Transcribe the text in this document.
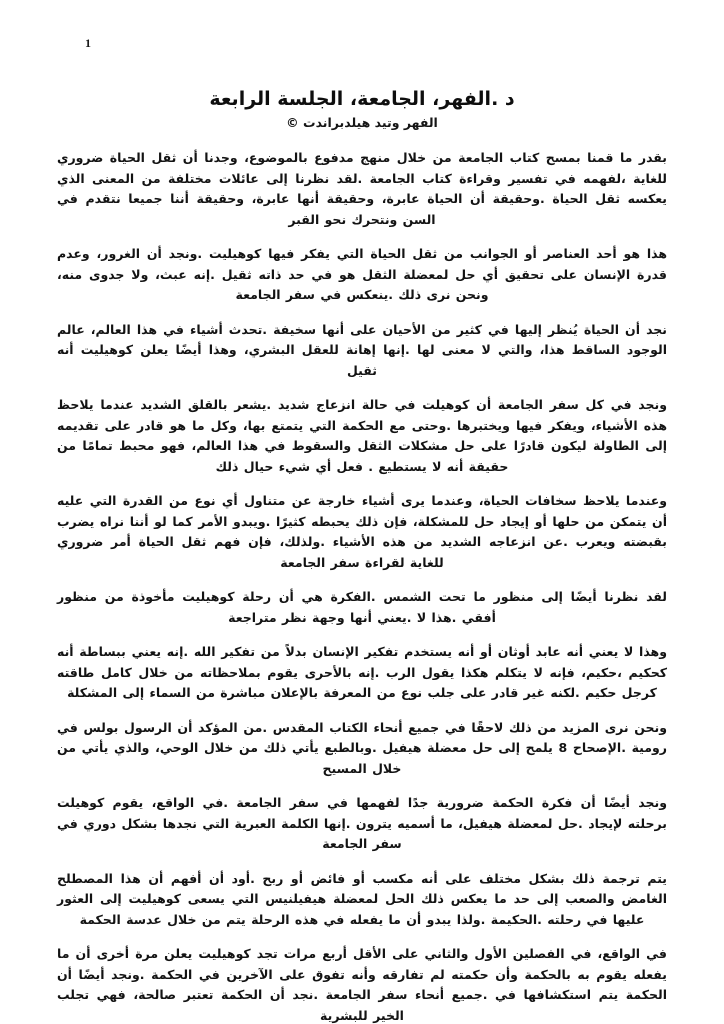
1
د .الفهر، الجامعة، الجلسة الرابعة
الفهر وتيد هيلدبراندت ©

بقدر ما قمنا بمسح كتاب الجامعة من خلال منهج مدفوع بالموضوع، وجدنا أن ثقل الحياة ضروري للغاية ،لفهمه في تفسير وقراءة كتاب الجامعة .لقد نظرنا إلى عائلات مختلفة من المعنى الذي يعكسه ثقل الحياة .وحقيقة أن الحياة عابرة، وحقيقة أنها عابرة، وحقيقة أننا جميعا نتقدم في السن ونتحرك نحو القبر

هذا هو أحد العناصر أو الجوانب من ثقل الحياة التي يفكر فيها كوهيليت .ونجد أن الغرور، وعدم قدرة الإنسان على تحقيق أي حل لمعضلة الثقل هو في حد ذاته ثقيل .إنه عبث، ولا جدوى منه، ونحن نرى ذلك .ينعكس في سفر الجامعة

نجد أن الحياة يُنظر إليها في كثير من الأحيان على أنها سخيفة .تحدث أشياء في هذا العالم، عالم الوجود الساقط هذا، والتي لا معنى لها .إنها إهانة للعقل البشري، وهذا أيضًا يعلن كوهيليت أنه ثقيل

ونجد في كل سفر الجامعة أن كوهيلت في حالة انزعاج شديد .يشعر بالقلق الشديد عندما يلاحظ هذه الأشياء، ويفكر فيها ويختبرها .وحتى مع الحكمة التي يتمتع بها، وكل ما هو قادر على تقديمه إلى الطاولة ليكون قادرًا على حل مشكلات الثقل والسقوط في هذا العالم، فهو محبط تمامًا من حقيقة أنه لا يستطيع . فعل أي شيء حيال ذلك

وعندما يلاحظ سخافات الحياة، وعندما يرى أشياء خارجة عن متناول أي نوع من القدرة التي عليه أن يتمكن من حلها أو إيجاد حل للمشكلة، فإن ذلك يحبطه كثيرًا .ويبدو الأمر كما لو أننا نراه يضرب بقبضته ويعرب .عن انزعاجه الشديد من هذه الأشياء .ولذلك، فإن فهم ثقل الحياة أمر ضروري للغاية لقراءة سفر الجامعة

لقد نظرنا أيضًا إلى منظور ما تحت الشمس .الفكرة هي أن رحلة كوهيليت مأخوذة من منظور أفقي .هذا لا .يعني أنها وجهة نظر متراجعة

وهذا لا يعني أنه عابد أوثان أو أنه يستخدم تفكير الإنسان بدلاً من تفكير الله .إنه يعني ببساطة أنه كحكيم ،حكيم، فإنه لا يتكلم هكذا يقول الرب .إنه بالأحرى يقوم بملاحظاته من خلال كامل طاقته كرجل حكيم .لكنه غير قادر على جلب نوع من المعرفة بالإعلان مباشرة من السماء إلى المشكلة

ونحن نرى المزيد من ذلك لاحقًا في جميع أنحاء الكتاب المقدس .من المؤكد أن الرسول بولس في رومية .الإصحاح 8 يلمح إلى حل معضلة هيفيل .وبالطبع يأتي ذلك من خلال الوحي، والذي يأتي من خلال المسيح

ونجد أيضًا أن فكرة الحكمة ضرورية جدًا لفهمها في سفر الجامعة .في الواقع، يقوم كوهيلت برحلته لإيجاد .حل لمعضلة هيفيل، ما أسميه يترون .إنها الكلمة العبرية التي نجدها بشكل دوري في سفر الجامعة

يتم ترجمة ذلك بشكل مختلف على أنه مكسب أو فائض أو ربح .أود أن أفهم أن هذا المصطلح الغامض والصعب إلى حد ما يعكس ذلك الحل لمعضلة هيفيلنيس التي يسعى كوهيليت إلى العثور عليها في رحلته .الحكيمة .ولذا يبدو أن ما يفعله في هذه الرحلة يتم من خلال عدسة الحكمة

في الواقع، في الفصلين الأول والثاني على الأقل أربع مرات تجد كوهيليت يعلن مرة أخرى أن ما يفعله يقوم به بالحكمة وأن حكمته لم تفارقه وأنه تفوق على الآخرين في الحكمة .ونجد أيضًا أن الحكمة يتم استكشافها في .جميع أنحاء سفر الجامعة .نجد أن الحكمة تعتبر صالحة، فهي تجلب الخير للبشرية
